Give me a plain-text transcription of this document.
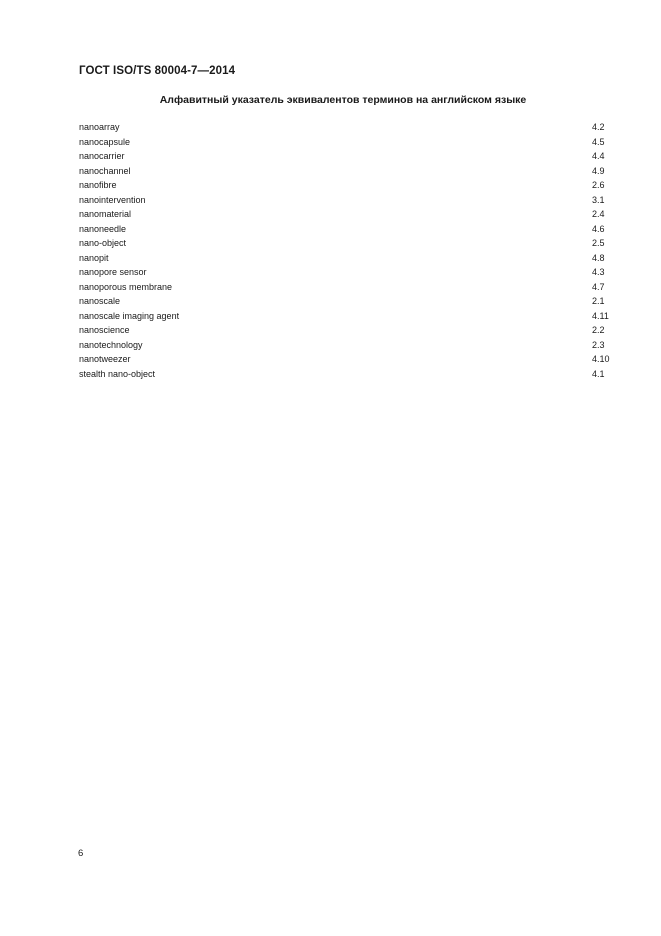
ГОСТ ISO/TS 80004-7—2014
Алфавитный указатель эквивалентов терминов на английском языке
nanoarray	4.2
nanocapsule	4.5
nanocarrier	4.4
nanochannel	4.9
nanofibre	2.6
nanointervention	3.1
nanomaterial	2.4
nanoneedle	4.6
nano-object	2.5
nanopit	4.8
nanopore sensor	4.3
nanoporous membrane	4.7
nanoscale	2.1
nanoscale imaging agent	4.11
nanoscience	2.2
nanotechnology	2.3
nanotweezer	4.10
stealth nano-object	4.1
6
